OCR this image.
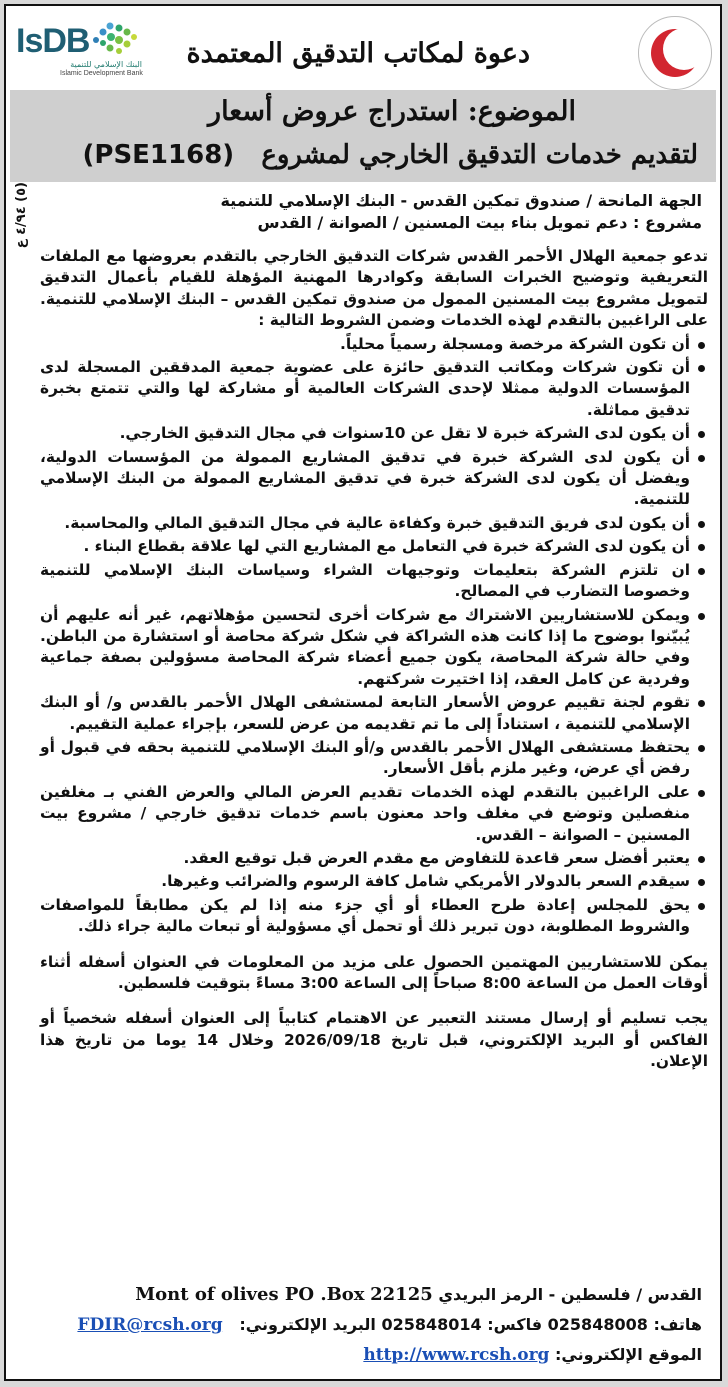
دعوة لمكاتب التدقيق المعتمدة
IsDB
البنك الإسلامي للتنمية
Islamic Development Bank
الموضوع: استدراج عروض أسعار
لتقديم خدمات التدقيق الخارجي لمشروع   (PSE1168)
(٥) ٤/٩٤ ع
الجهة المانحة / صندوق تمكين القدس - البنك الإسلامي للتنمية
مشروع : دعم تمويل بناء بيت المسنين / الصوانة / القدس

تدعو جمعية الهلال الأحمر القدس شركات التدقيق الخارجي بالتقدم بعروضها مع الملفات التعريفية وتوضيح الخبرات السابقة وكوادرها المهنية المؤهلة للقيام بأعمال التدقيق لتمويل مشروع بيت المسنين الممول من صندوق تمكين القدس – البنك الإسلامي للتنمية. على الراغبين بالتقدم لهذه الخدمات وضمن الشروط التالية :

أن تكون الشركة مرخصة ومسجلة رسمياً محلياً.
أن تكون شركات ومكاتب التدقيق حائزة على عضوية جمعية المدققين المسجلة لدى المؤسسات الدولية ممثلا لإحدى الشركات العالمية أو مشاركة لها والتي تتمتع بخبرة تدقيق مماثلة.
أن يكون لدى الشركة خبرة لا تقل عن 10سنوات في مجال التدقيق الخارجي.
أن يكون لدى الشركة خبرة في تدقيق المشاريع الممولة من المؤسسات الدولية، ويفضل أن يكون لدى الشركة خبرة في تدقيق المشاريع الممولة من البنك الإسلامي للتنمية.
أن يكون لدى فريق التدقيق خبرة وكفاءة عالية في مجال التدقيق المالي والمحاسبة.
أن يكون لدى الشركة خبرة في التعامل مع المشاريع التي لها علاقة بقطاع البناء .
ان تلتزم الشركة بتعليمات وتوجيهات الشراء وسياسات البنك الإسلامي للتنمية وخصوصا التضارب في المصالح.
ويمكن للاستشاريين الاشتراك مع شركات أخرى لتحسين مؤهلاتهم، غير أنه عليهم أن يُبيّنوا بوضوح ما إذا كانت هذه الشراكة في شكل شركة محاصة أو استشارة من الباطن. وفي حالة شركة المحاصة، يكون جميع أعضاء شركة المحاصة مسؤولين بصفة جماعية وفردية عن كامل العقد، إذا اختيرت شركتهم.
تقوم لجنة تقييم عروض الأسعار التابعة لمستشفى الهلال الأحمر بالقدس و/ أو البنك الإسلامي للتنمية ، استناداً إلى ما تم تقديمه من عرض للسعر، بإجراء عملية التقييم.
يحتفظ مستشفى الهلال الأحمر بالقدس و/أو البنك الإسلامي للتنمية بحقه في قبول أو رفض أي عرض، وغير ملزم بأقل الأسعار.
على الراغبين بالتقدم لهذه الخدمات تقديم العرض المالي والعرض الفني بـ مغلفين منفصلين وتوضع في مغلف واحد معنون باسم خدمات تدقيق خارجي / مشروع بيت المسنين – الصوانة – القدس.
يعتبر أفضل سعر قاعدة للتفاوض مع مقدم العرض قبل توقيع العقد.
سيقدم السعر بالدولار الأمريكي شامل كافة الرسوم والضرائب وغيرها.
يحق للمجلس إعادة طرح العطاء أو أي جزء منه إذا لم يكن مطابقاً للمواصفات والشروط المطلوبة، دون تبرير ذلك أو تحمل أي مسؤولية أو تبعات مالية جراء ذلك.

يمكن للاستشاريين المهتمين الحصول على مزيد من المعلومات في العنوان أسفله أثناء أوقات العمل من الساعة 8:00 صباحاً إلى الساعة 3:00 مساءً بتوقيت فلسطين.

يجب تسليم أو إرسال مستند التعبير عن الاهتمام كتابياً إلى العنوان أسفله شخصياً أو الفاكس أو البريد الإلكتروني، قبل تاريخ 2026/09/18 وخلال 14 يوما من تاريخ هذا الإعلان.

القدس / فلسطين - الرمز البريدي 22125 Mont of olives PO .Box
هاتف: 025848008 فاكس: 025848014 البريد الإلكتروني:   FDIR@rcsh.org
الموقع الإلكتروني: http://www.rcsh.org
